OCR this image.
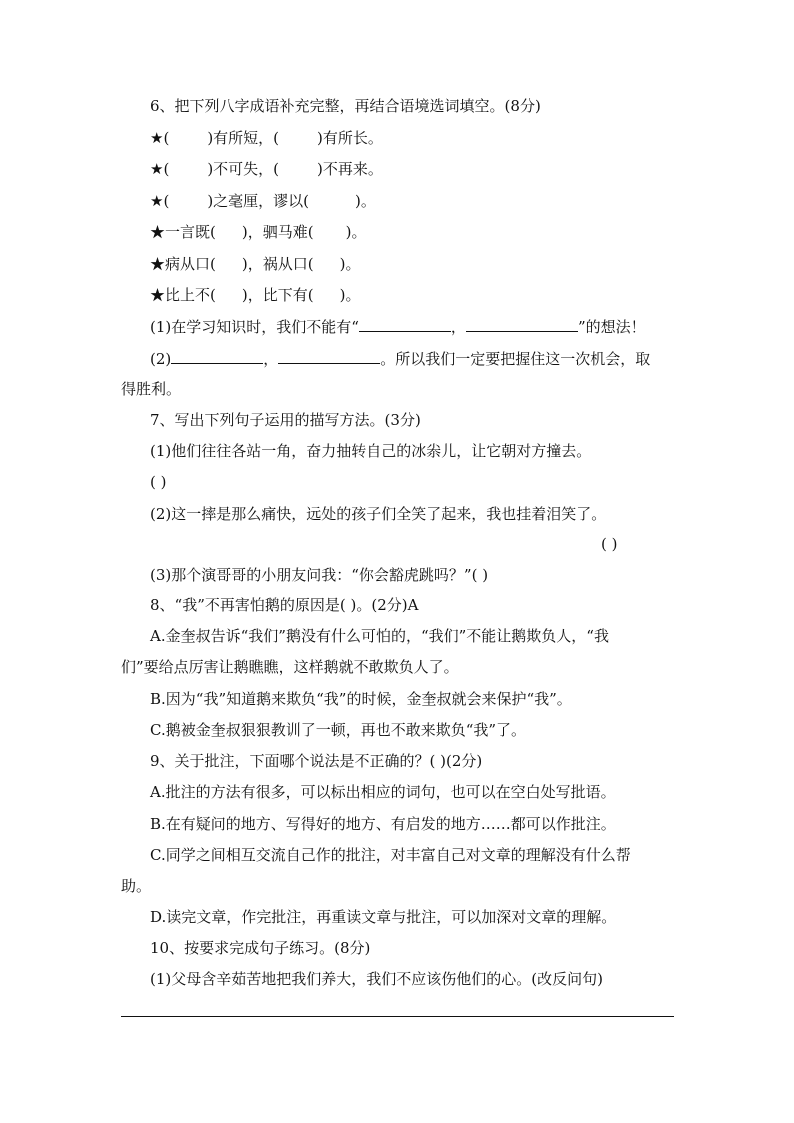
6、把下列八字成语补充完整，再结合语境选词填空。(8分)
★(	)有所短，(	)有所长。
★(	)不可失，(	)不再来。
★(	)之毫厘，谬以(	)。
★一言既( )，驷马难( )。
★病从口( )，祸从口( )。
★比上不( )，比下有( )。
(1)在学习知识时，我们不能有“	，	”的想法！
(2)	，	。所以我们一定要把握住这一次机会，取
得胜利。
7、写出下列句子运用的描写方法。(3分)
(1)他们往往各站一角，奋力抽转自己的冰尜儿，让它朝对方撞去。
( )
(2)这一摔是那么痛快，远处的孩子们全笑了起来，我也挂着泪笑了。
( )
(3)那个演哥哥的小朋友问我：“你会豁虎跳吗？”( )
8、“我”不再害怕鹅的原因是( )。(2分)A
A.金奎叔告诉“我们”鹅没有什么可怕的，“我们”不能让鹅欺负人，“我
们”要给点厉害让鹅瞧瞧，这样鹅就不敢欺负人了。
B.因为“我”知道鹅来欺负“我”的时候，金奎叔就会来保护“我”。
C.鹅被金奎叔狠狠教训了一顿，再也不敢来欺负“我”了。
9、关于批注，下面哪个说法是不正确的？( )(2分)
A.批注的方法有很多，可以标出相应的词句，也可以在空白处写批语。
B.在有疑问的地方、写得好的地方、有启发的地方……都可以作批注。
C.同学之间相互交流自己作的批注，对丰富自己对文章的理解没有什么帮
助。
D.读完文章，作完批注，再重读文章与批注，可以加深对文章的理解。
10、按要求完成句子练习。(8分)
(1)父母含辛茹苦地把我们养大，我们不应该伤他们的心。(改反问句)
